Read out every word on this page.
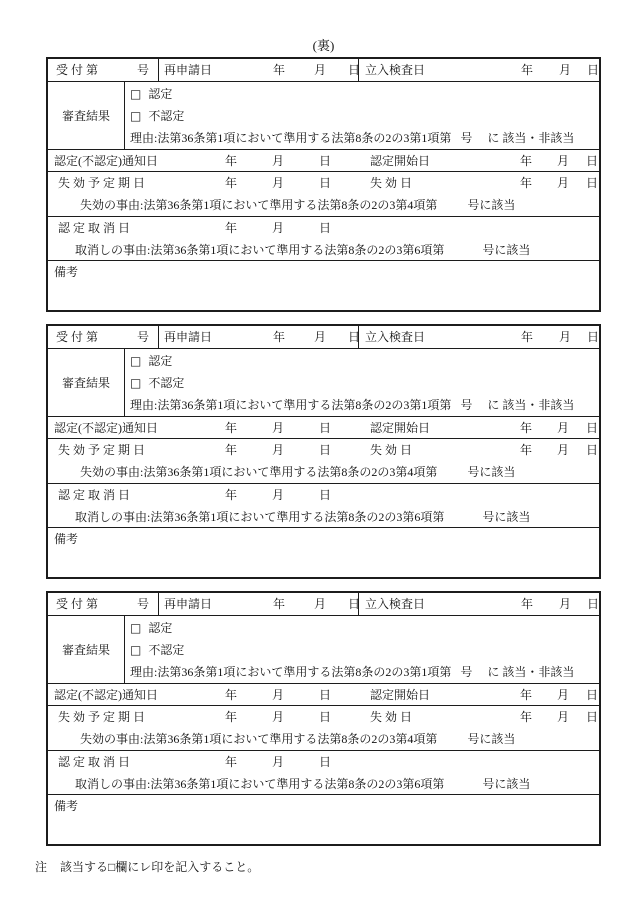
(裏)
受 付 第	号	再申請日	年 月 日 立入検査日	年 月 日
審査結果
□ 認定
□ 不認定
理由:法第36条第1項において準用する法第8条の2の3第1項第 号 に 該当・非該当
認定(不認定)通知日	年	月	日	認定開始日	年 月 日
失 効 予 定 期 日	年	月	日	失 効 日	年 月 日
失効の事由:法第36条第1項において準用する法第8条の2の3第4項第	号に該当
認 定 取 消 日	年	月	日
取消しの事由:法第36条第1項において準用する法第8条の2の3第6項第	号に該当
備考
受 付 第	号	再申請日	年 月 日 立入検査日	年 月 日
審査結果
□ 認定
□ 不認定
理由:法第36条第1項において準用する法第8条の2の3第1項第 号 に 該当・非該当
認定(不認定)通知日	年	月	日	認定開始日	年 月 日
失 効 予 定 期 日	年	月	日	失 効 日	年 月 日
失効の事由:法第36条第1項において準用する法第8条の2の3第4項第	号に該当
認 定 取 消 日	年	月	日
取消しの事由:法第36条第1項において準用する法第8条の2の3第6項第	号に該当
備考
受 付 第	号	再申請日	年 月 日 立入検査日	年 月 日
審査結果
□ 認定
□ 不認定
理由:法第36条第1項において準用する法第8条の2の3第1項第 号 に 該当・非該当
認定(不認定)通知日	年	月	日	認定開始日	年 月 日
失 効 予 定 期 日	年	月	日	失 効 日	年 月 日
失効の事由:法第36条第1項において準用する法第8条の2の3第4項第	号に該当
認 定 取 消 日	年	月	日
取消しの事由:法第36条第1項において準用する法第8条の2の3第6項第	号に該当
備考
注 該当する□欄にレ印を記入すること。
